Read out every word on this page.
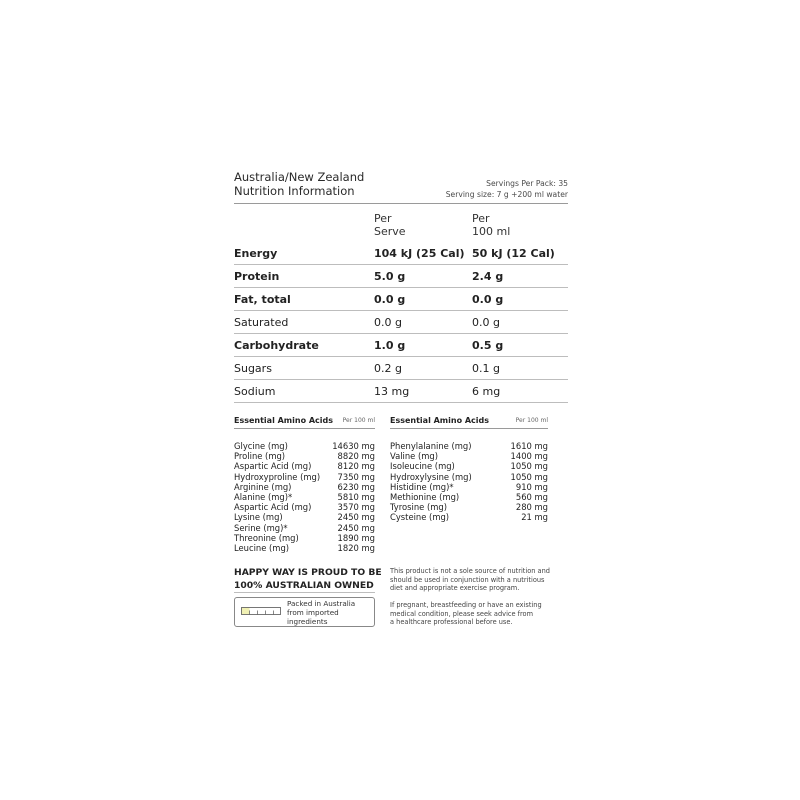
Australia/New Zealand
Nutrition Information
Servings Per Pack: 35
Serving size: 7 g +200 ml water
Per
Serve
Per
100 ml
Energy	104 kJ (25 Cal) 50 kJ (12 Cal)
Protein	5.0 g	2.4 g
Fat, total	0.0 g	0.0 g
Saturated	0.0 g	0.0 g
Carbohydrate	1.0 g	0.5 g
Sugars	0.2 g	0.1 g
Sodium	13 mg	6 mg
Essential Amino Acids Per 100 ml
Glycine (mg)	14630 mg
Proline (mg)	8820 mg
Aspartic Acid (mg)	8120 mg
Hydroxyproline (mg) 7350 mg
Arginine (mg)	6230 mg
Alanine (mg)*	5810 mg
Aspartic Acid (mg)	3570 mg
Lysine (mg)	2450 mg
Serine (mg)*	2450 mg
Threonine (mg)	1890 mg
Leucine (mg)	1820 mg
Essential Amino Acids	Per 100 ml
Phenylalanine (mg)	1610 mg
Valine (mg)	1400 mg
Isoleucine (mg)	1050 mg
Hydroxylysine (mg)	1050 mg
Histidine (mg)*	910 mg
Methionine (mg)	560 mg
Tyrosine (mg)	280 mg
Cysteine (mg)	21 mg
HAPPY WAY IS PROUD TO BE
100% AUSTRALIAN OWNED
Packed in Australia
from imported
ingredients
This product is not a sole source of nutrition and
should be used in conjunction with a nutritious
diet and appropriate exercise program.
If pregnant, breastfeeding or have an existing
medical condition, please seek advice from
a healthcare professional before use.
